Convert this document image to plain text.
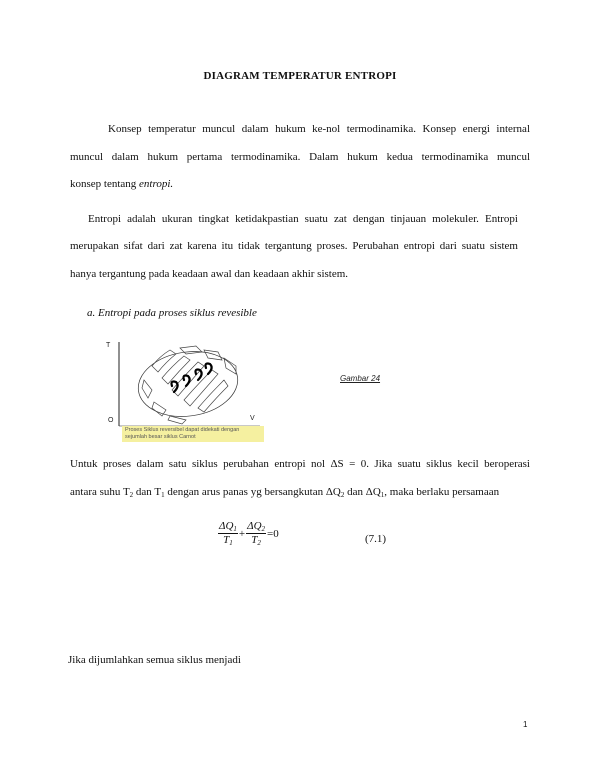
DIAGRAM TEMPERATUR ENTROPI
Konsep temperatur muncul dalam hukum ke-nol termodinamika. Konsep energi internal
muncul dalam hukum pertama termodinamika. Dalam hukum kedua termodinamika muncul
konsep tentang entropi.
Entropi adalah ukuran tingkat ketidakpastian suatu zat dengan tinjauan molekuler. Entropi
merupakan sifat dari zat karena itu tidak tergantung proses. Perubahan entropi dari suatu sistem
hanya tergantung pada keadaan awal dan keadaan akhir sistem.
a. Entropi pada proses siklus revesible
T
O	V
Proses Siklus reversibel dapat didekati dengan sejumlah besar siklus Carnot
Gambar 24
Untuk proses dalam satu siklus perubahan entropi nol ΔS = 0. Jika suatu siklus kecil beroperasi
antara suhu $T_2$ dan $T_1$ dengan arus panas yg bersangkutan $\Delta Q_2$ dan $\Delta Q_1$, maka berlaku persamaan
$\frac{\Delta Q_1}{T_1} + \frac{\Delta Q_2}{T_2} =0$	(7.1)
Jika dijumlahkan semua siklus menjadi
1
